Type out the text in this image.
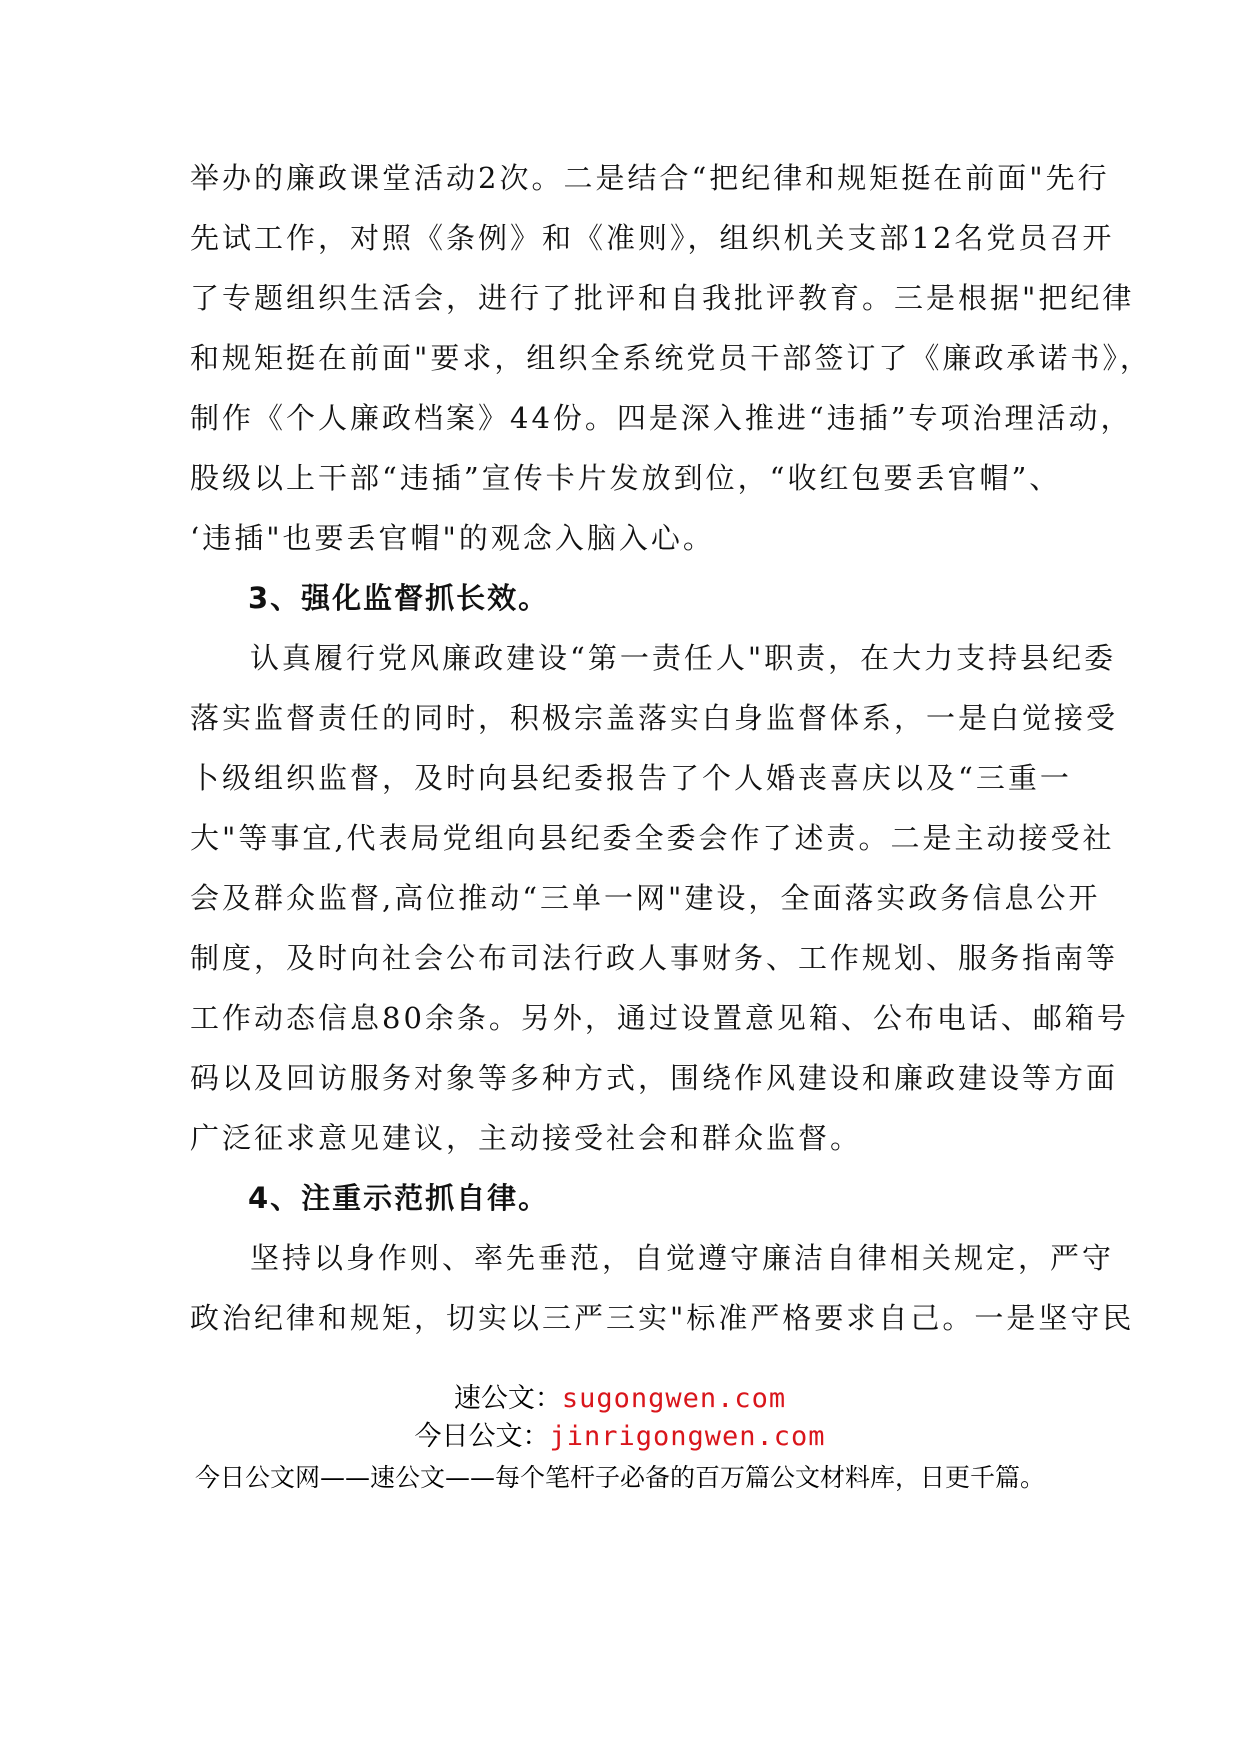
举办的廉政课堂活动2次。二是结合“把纪律和规矩挺在前面"先行
先试工作，对照《条例》和《准则》，组织机关支部12名党员召开
了专题组织生活会，进行了批评和自我批评教育。三是根据"把纪律
和规矩挺在前面"要求，组织全系统党员干部签订了《廉政承诺书》，
制作《个人廉政档案》44份。四是深入推进“违插”专项治理活动，
股级以上干部“违插”宣传卡片发放到位，“收红包要丢官帽”、
‘违插"也要丢官帽"的观念入脑入心。
3、强化监督抓长效。
认真履行党风廉政建设“第一责任人"职责，在大力支持县纪委
落实监督责任的同时，积极宗盖落实白身监督体系，一是白觉接受
卜级组织监督，及时向县纪委报告了个人婚丧喜庆以及“三重一
大"等事宜,代表局党组向县纪委全委会作了述责。二是主动接受社
会及群众监督,高位推动“三单一网"建设，全面落实政务信息公开
制度，及时向社会公布司法行政人事财务、工作规划、服务指南等
工作动态信息80余条。另外，通过设置意见箱、公布电话、邮箱号
码以及回访服务对象等多种方式，围绕作风建设和廉政建设等方面
广泛征求意见建议，主动接受社会和群众监督。
4、注重示范抓自律。
坚持以身作则、率先垂范，自觉遵守廉洁自律相关规定，严守
政治纪律和规矩，切实以三严三实"标准严格要求自己。一是坚守民
速公文：sugongwen.com
今日公文：jinrigongwen.com
今日公文网——速公文——每个笔杆子必备的百万篇公文材料库，日更千篇。
